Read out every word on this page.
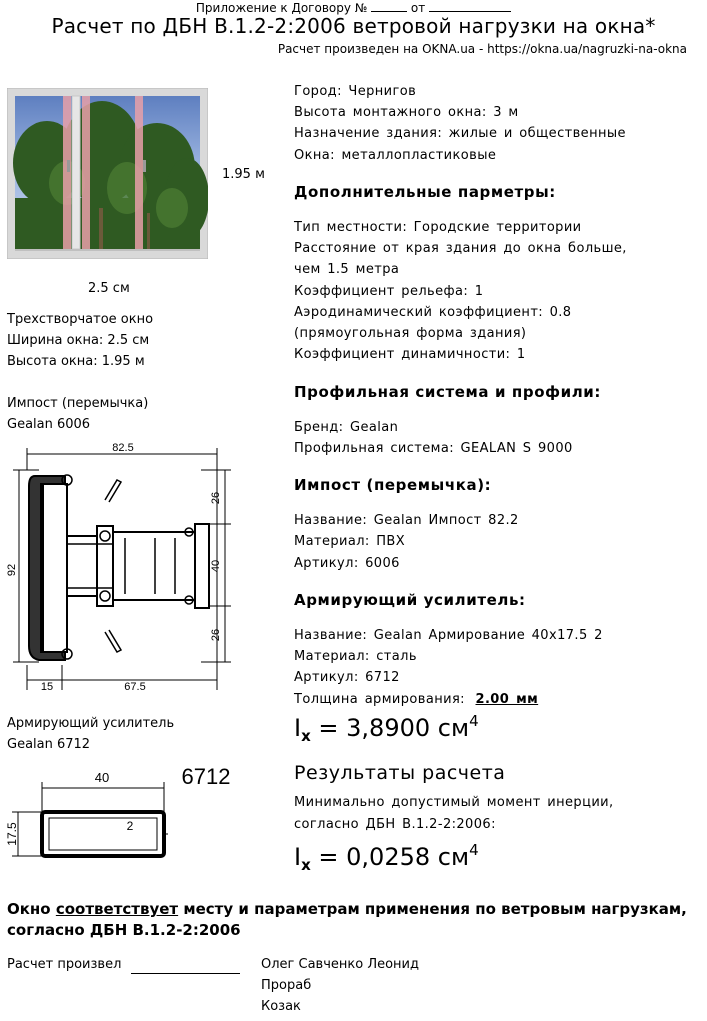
Приложение к Договору №	от
Расчет по ДБН В.1.2-2:2006 ветровой нагрузки на окна*
Расчет произведен на OKNA.ua - https://okna.ua/nagruzki-na-okna
1.95 м
2.5 см
Трехстворчатое окно
Ширина окна: 2.5 см
Высота окна: 1.95 м
Импост (перемычка)
Gealan 6006
82.5
92
15	67.5
26
40
26
Армирующий усилитель
Gealan 6712
40
17.5	2
6712
Город: Чернигов
Высота монтажного окна: 3 м
Назначение здания: жилые и общественные
Окна: металлопластиковые
Дополнительные парметры:
Тип местности: Городские территории
Расстояние от края здания до окна больше,
чем 1.5 метра
Коэффициент рельефа: 1
Аэродинамический коэффициент: 0.8
(прямоугольная форма здания)
Коэффициент динамичности: 1
Профильная система и профили:
Бренд: Gealan
Профильная система: GEALAN S 9000
Импост (перемычка):
Название: Gealan Импост 82.2
Материал: ПВХ
Артикул: 6006
Армирующий усилитель:
Название: Gealan Армирование 40x17.5 2
Материал: сталь
Артикул: 6712
Толщина армирования: 2.00 мм
$I_x = 3,8900$ $см^4$
Результаты расчета
Минимально допустимый момент инерции,
согласно ДБН В.1.2-2:2006:
$I_x = 0,0258$ $см^4$
Окно соответствует месту и параметрам применения по ветровым нагрузкам,
согласно ДБН В.1.2-2:2006
Расчет произвел	Олег Савченко Леонид
Прораб
Козак
